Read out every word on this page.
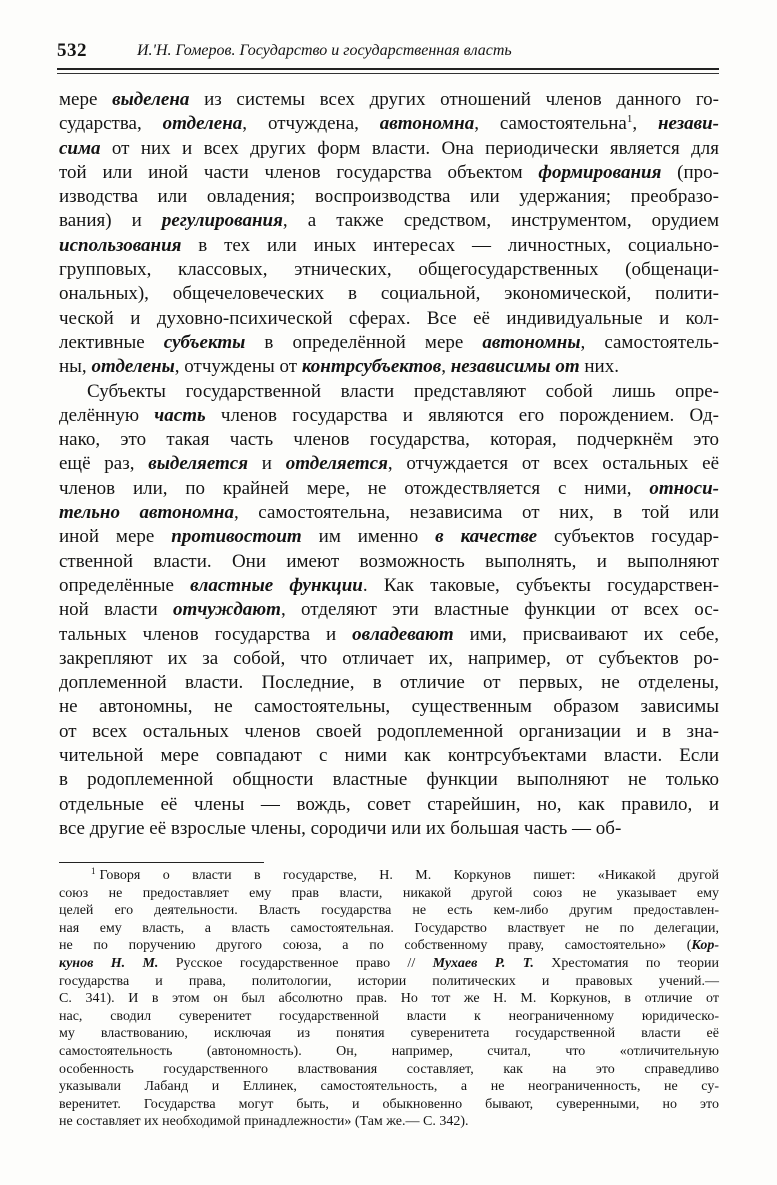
532	И.'Н. Гомеров. Государство и государственная власть
мере выделена из системы всех других отношений членов данного го-
сударства, отделена, отчуждена, автономна, самостоятельна$^1$, незави-
сима от них и всех других форм власти. Она периодически является для
той или иной части членов государства объектом формирования (про-
изводства или овладения; воспроизводства или удержания; преобразо-
вания) и регулирования, а также средством, инструментом, орудием
использования в тех или иных интересах — личностных, социально-
групповых, классовых, этнических, общегосударственных (общенаци-
ональных), общечеловеческих в социальной, экономической, полити-
ческой и духовно-психической сферах. Все её индивидуальные и кол-
лективные субъекты в определённой мере автономны, самостоятель-
ны, отделены, отчуждены от контрсубъектов, независимы от них.
Субъекты государственной власти представляют собой лишь опре-
делённую часть членов государства и являются его порождением. Од-
нако, это такая часть членов государства, которая, подчеркнём это
ещё раз, выделяется и отделяется, отчуждается от всех остальных её
членов или, по крайней мере, не отождествляется с ними, относи-
тельно автономна, самостоятельна, независима от них, в той или
иной мере противостоит им именно в качестве субъектов государ-
ственной власти. Они имеют возможность выполнять, и выполняют
определённые властные функции. Как таковые, субъекты государствен-
ной власти отчуждают, отделяют эти властные функции от всех ос-
тальных членов государства и овладевают ими, присваивают их себе,
закрепляют их за собой, что отличает их, например, от субъектов ро-
доплеменной власти. Последние, в отличие от первых, не отделены,
не автономны, не самостоятельны, существенным образом зависимы
от всех остальных членов своей родоплеменной организации и в зна-
чительной мере совпадают с ними как контрсубъектами власти. Если
в родоплеменной общности властные функции выполняют не только
отдельные её члены — вождь, совет старейшин, но, как правило, и
все другие её взрослые члены, сородичи или их большая часть — об-
$^1$ Говоря о власти в государстве, Н. М. Коркунов пишет: «Никакой другой
союз не предоставляет ему прав власти, никакой другой союз не указывает ему
целей его деятельности. Власть государства не есть кем-либо другим предоставлен-
ная ему власть, а власть самостоятельная. Государство властвует не по делегации,
не по поручению другого союза, а по собственному праву, самостоятельно» (Кор-
кунов Н. М. Русское государственное право // Мухаев Р. Т. Хрестоматия по теории
государства и права, политологии, истории политических и правовых учений.—
С. 341). И в этом он был абсолютно прав. Но тот же Н. М. Коркунов, в отличие от
нас, сводил суверенитет государственной власти к неограниченному юридическо-
му властвованию, исключая из понятия суверенитета государственной власти её
самостоятельность (автономность). Он, например, считал, что «отличительную
особенность государственного властвования составляет, как на это справедливо
указывали Лабанд и Еллинек, самостоятельность, а не неограниченность, не су-
веренитет. Государства могут быть, и обыкновенно бывают, суверенными, но это
не составляет их необходимой принадлежности» (Там же.— С. 342).
